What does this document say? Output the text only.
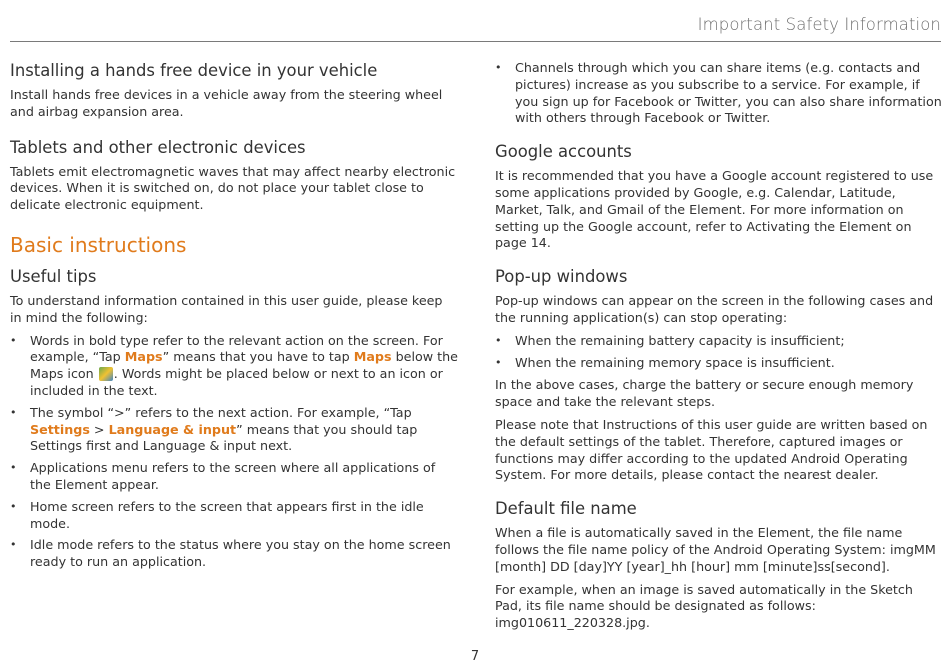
Important Safety Information
Installing a hands free device in your vehicle

Install hands free devices in a vehicle away from the steering wheel and airbag expansion area.

Tablets and other electronic devices

Tablets emit electromagnetic waves that may affect nearby electronic devices. When it is switched on, do not place your tablet close to delicate electronic equipment.

Basic instructions
Useful tips

To understand information contained in this user guide, please keep in mind the following:

• Words in bold type refer to the relevant action on the screen. For example, “Tap Maps” means that you have to tap Maps below the Maps icon . Words might be placed below or next to an icon or included in the text.
• The symbol “>” refers to the next action. For example, “Tap Settings > Language & input” means that you should tap Settings first and Language & input next.
• Applications menu refers to the screen where all applications of the Element appear.
• Home screen refers to the screen that appears first in the idle mode.
• Idle mode refers to the status where you stay on the home screen ready to run an application.
• Channels through which you can share items (e.g. contacts and pictures) increase as you subscribe to a service. For example, if you sign up for Facebook or Twitter, you can also share information with others through Facebook or Twitter.
Google accounts

It is recommended that you have a Google account registered to use some applications provided by Google, e.g. Calendar, Latitude, Market, Talk, and Gmail of the Element. For more information on setting up the Google account, refer to Activating the Element on page 14.

Pop-up windows

Pop-up windows can appear on the screen in the following cases and the running application(s) can stop operating:

• When the remaining battery capacity is insufficient;
• When the remaining memory space is insufficient.

In the above cases, charge the battery or secure enough memory space and take the relevant steps.

Please note that Instructions of this user guide are written based on the default settings of the tablet. Therefore, captured images or functions may differ according to the updated Android Operating System. For more details, please contact the nearest dealer.

Default file name

When a file is automatically saved in the Element, the file name follows the file name policy of the Android Operating System: imgMM [month] DD [day]YY [year]_hh [hour] mm [minute]ss[second].

For example, when an image is saved automatically in the Sketch Pad, its file name should be designated as follows: img010611_220328.jpg.

7
